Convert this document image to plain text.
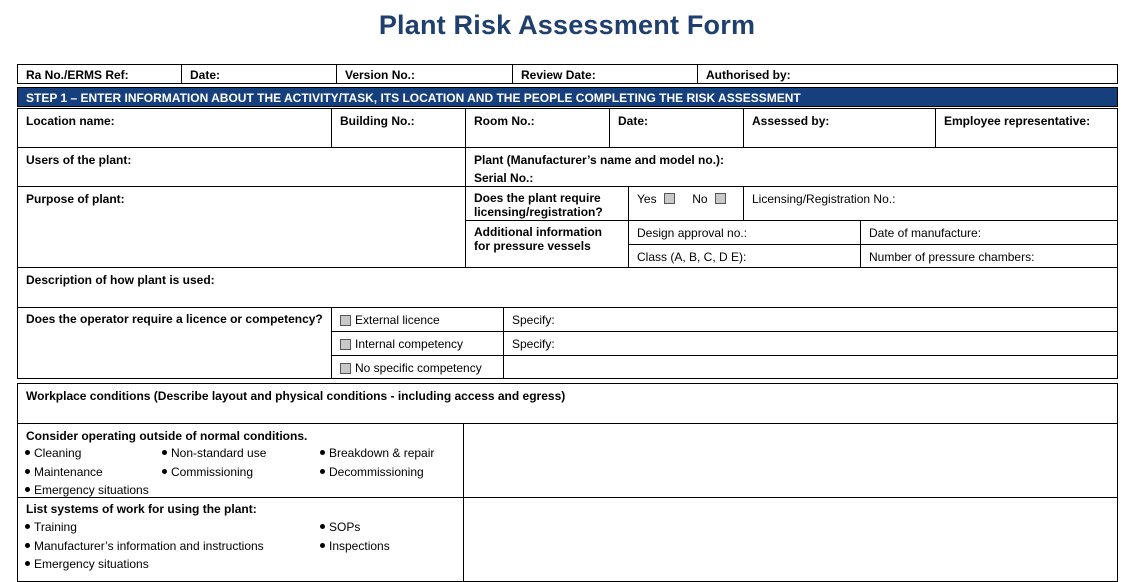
Plant Risk Assessment Form
Ra No./ERMS Ref:	Date:	Version No.:	Review Date:	Authorised by:
STEP 1 – ENTER INFORMATION ABOUT THE ACTIVITY/TASK, ITS LOCATION AND THE PEOPLE COMPLETING THE RISK ASSESSMENT
Location name:	Building No.:	Room No.:	Date:	Assessed by:	Employee representative:
Users of the plant:	Plant (Manufacturer’s name and model no.):
Serial No.:
Purpose of plant:	Does the plant require licensing/registration?
Yes	No	Licensing/Registration No.:
Additional information for pressure vessels
Design approval no.:	Date of manufacture:
Class (A, B, C, D E):	Number of pressure chambers:
Description of how plant is used:
Does the operator require a licence or competency?	External licence	Specify:
Internal competency	Specify:
No specific competency
Workplace conditions (Describe layout and physical conditions - including access and egress)
Consider operating outside of normal conditions.
Cleaning	Non-standard use	Breakdown & repair
Maintenance	Commissioning	Decommissioning
Emergency situations
List systems of work for using the plant:
Training	SOPs
Manufacturer’s information and instructions	Inspections
Emergency situations
